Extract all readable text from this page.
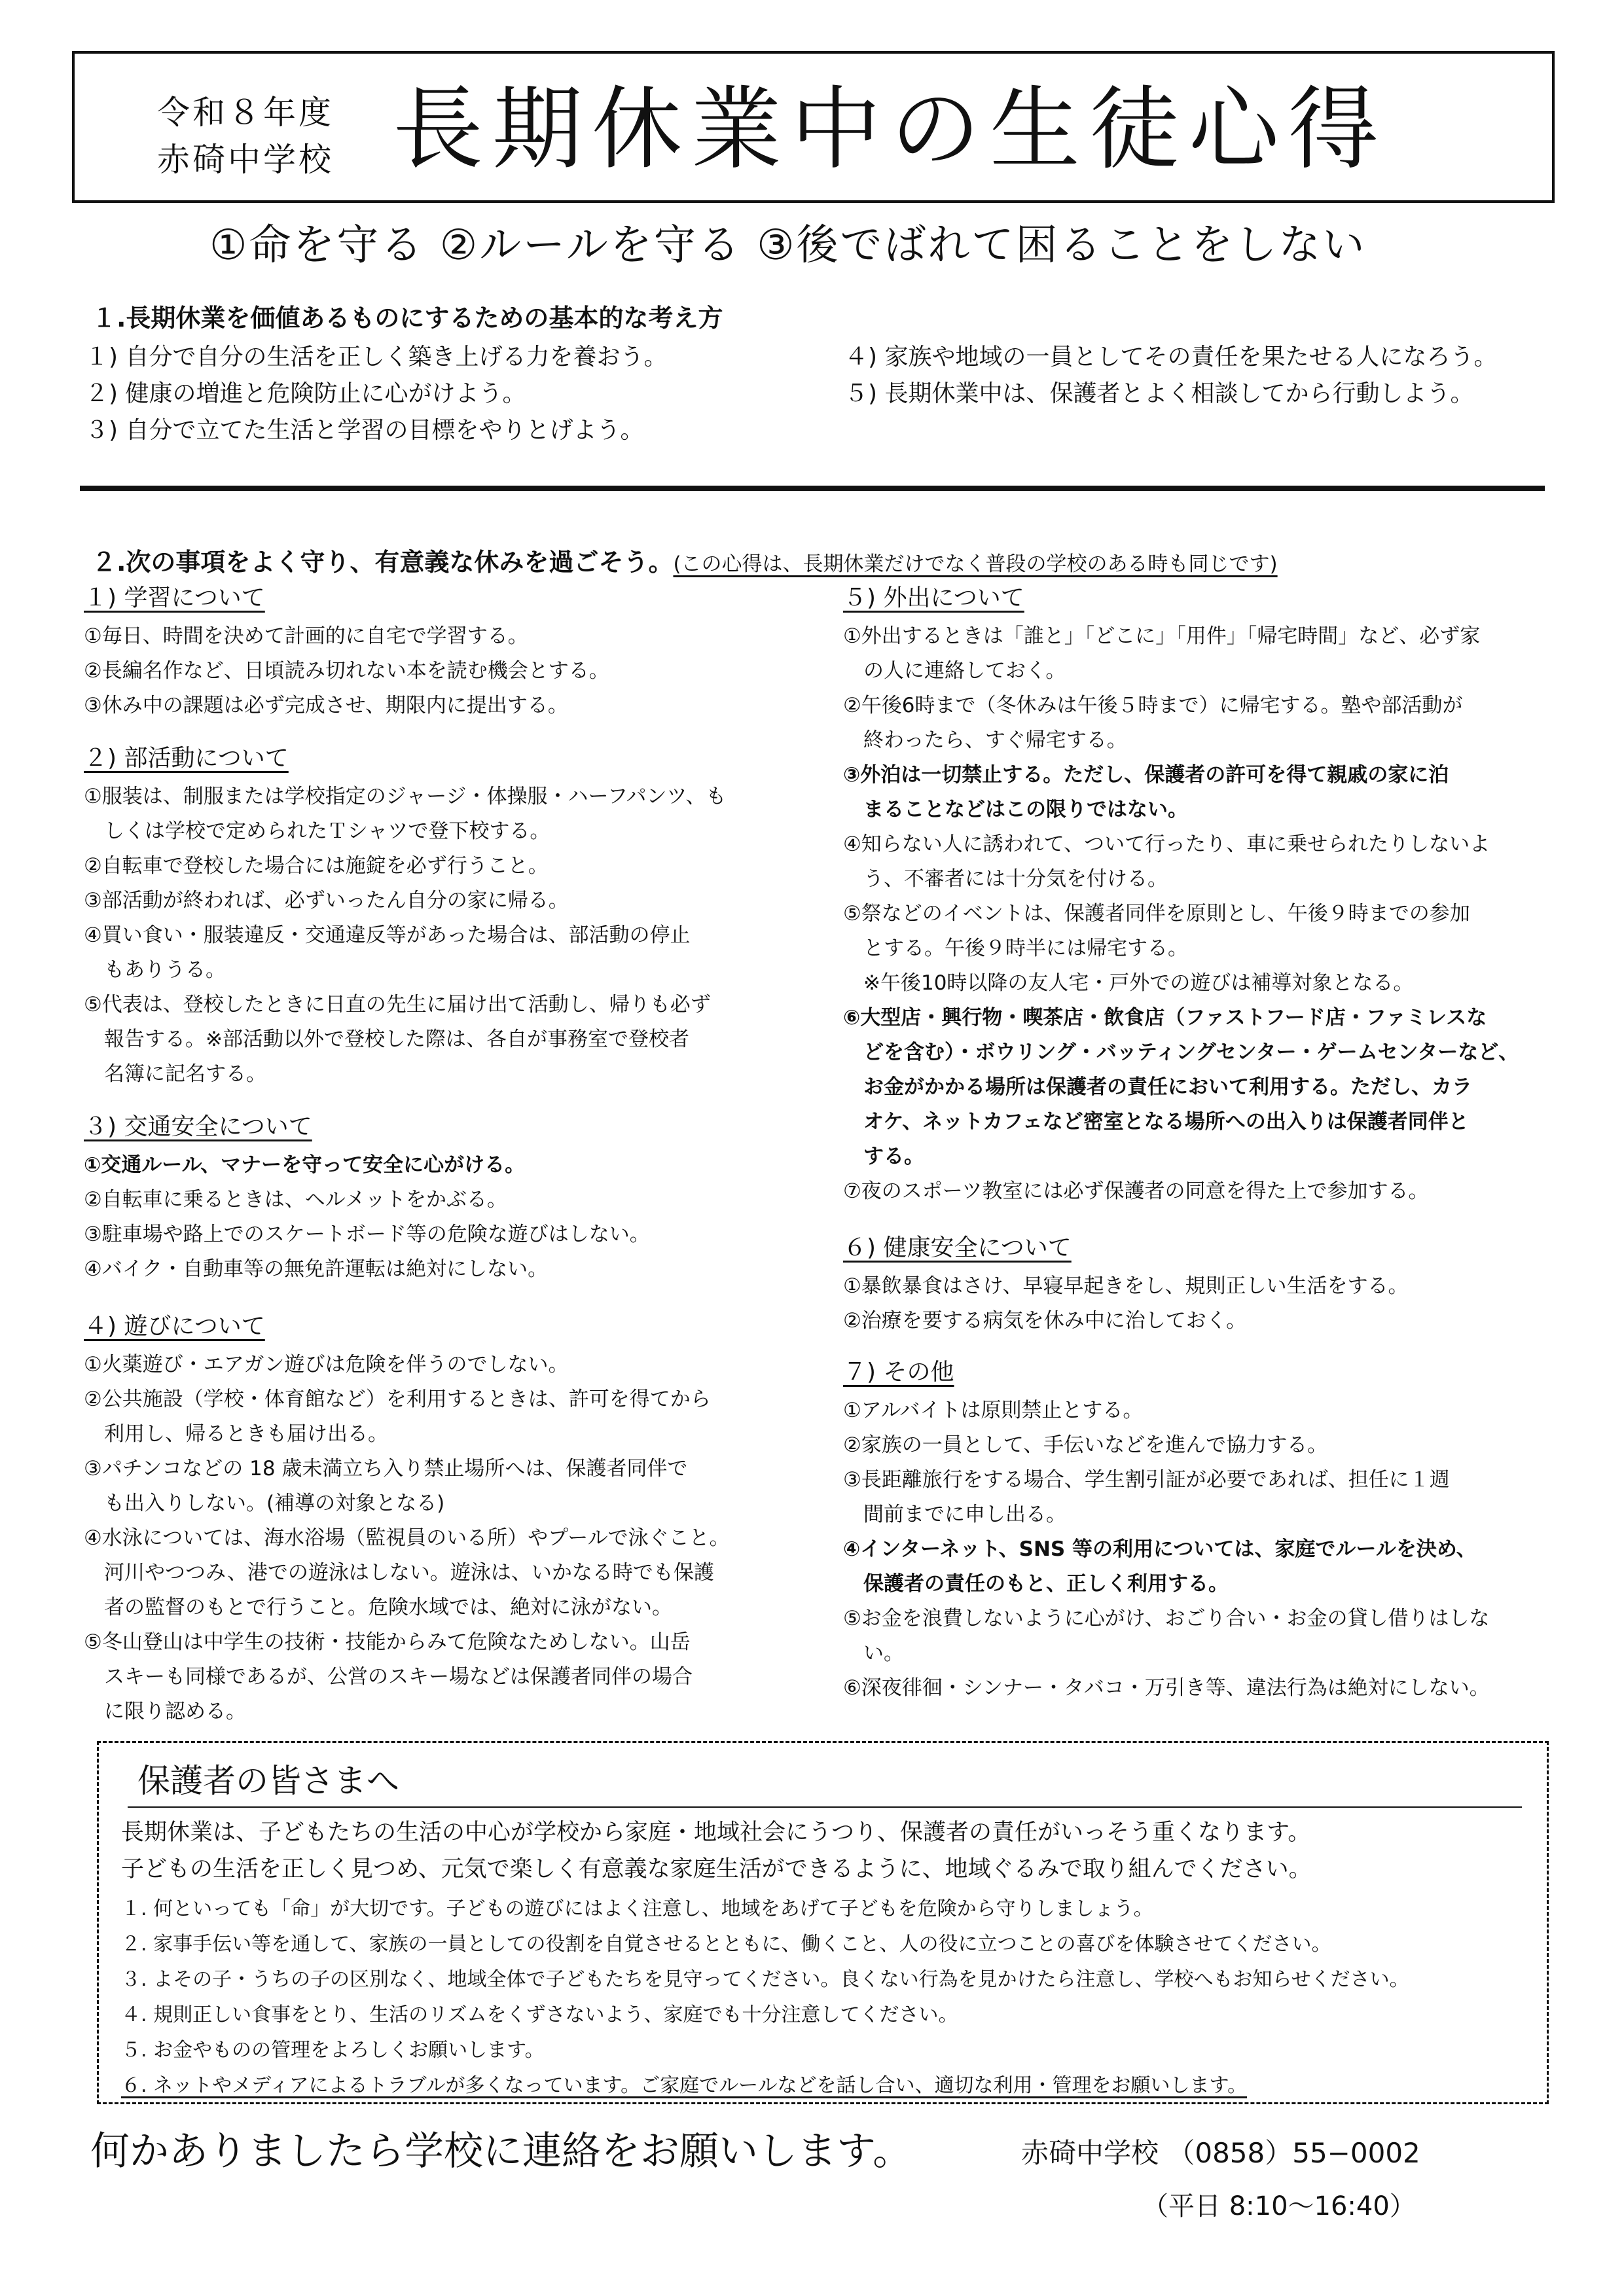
令和８年度
赤碕中学校 長期休業中の生徒心得
①命を守る ②ルールを守る ③後でばれて困ることをしない
１.長期休業を価値あるものにするための基本的な考え方
１) 自分で自分の生活を正しく築き上げる力を養おう。
２) 健康の増進と危険防止に心がけよう。
３) 自分で立てた生活と学習の目標をやりとげよう。
４) 家族や地域の一員としてその責任を果たせる人になろう。
５) 長期休業中は、保護者とよく相談してから行動しよう。
２.次の事項をよく守り、有意義な休みを過ごそう。(この心得は、長期休業だけでなく普段の学校のある時も同じです)
１) 学習について
①毎日、時間を決めて計画的に自宅で学習する。
②長編名作など、日頃読み切れない本を読む機会とする。
③休み中の課題は必ず完成させ、期限内に提出する。
２) 部活動について
①服装は、制服または学校指定のジャージ・体操服・ハーフパンツ、も
　しくは学校で定められたＴシャツで登下校する。
②自転車で登校した場合には施錠を必ず行うこと。
③部活動が終われば、必ずいったん自分の家に帰る。
④買い食い・服装違反・交通違反等があった場合は、部活動の停止
　もありうる。
⑤代表は、登校したときに日直の先生に届け出て活動し、帰りも必ず
　報告する。※部活動以外で登校した際は、各自が事務室で登校者
　名簿に記名する。
３) 交通安全について
①交通ルール、マナーを守って安全に心がける。
②自転車に乗るときは、ヘルメットをかぶる。
③駐車場や路上でのスケートボード等の危険な遊びはしない。
④バイク・自動車等の無免許運転は絶対にしない。
４) 遊びについて
①火薬遊び・エアガン遊びは危険を伴うのでしない。
②公共施設（学校・体育館など）を利用するときは、許可を得てから
　利用し、帰るときも届け出る。
③パチンコなどの 18 歳未満立ち入り禁止場所へは、保護者同伴で
　も出入りしない。(補導の対象となる)
④水泳については、海水浴場（監視員のいる所）やプールで泳ぐこと。
　河川やつつみ、港での遊泳はしない。遊泳は、いかなる時でも保護
　者の監督のもとで行うこと。危険水域では、絶対に泳がない。
⑤冬山登山は中学生の技術・技能からみて危険なためしない。山岳
　スキーも同様であるが、公営のスキー場などは保護者同伴の場合
　に限り認める。
５) 外出について
①外出するときは「誰と」「どこに」「用件」「帰宅時間」など、必ず家
　の人に連絡しておく。
②午後6時まで（冬休みは午後５時まで）に帰宅する。塾や部活動が
　終わったら、すぐ帰宅する。
③外泊は一切禁止する。ただし、保護者の許可を得て親戚の家に泊
　まることなどはこの限りではない。
④知らない人に誘われて、ついて行ったり、車に乗せられたりしないよ
　う、不審者には十分気を付ける。
⑤祭などのイベントは、保護者同伴を原則とし、午後９時までの参加
　とする。午後９時半には帰宅する。
　※午後10時以降の友人宅・戸外での遊びは補導対象となる。
⑥大型店・興行物・喫茶店・飲食店（ファストフード店・ファミレスな
　どを含む）・ボウリング・バッティングセンター・ゲームセンターなど、
　お金がかかる場所は保護者の責任において利用する。ただし、カラ
　オケ、ネットカフェなど密室となる場所への出入りは保護者同伴と
　する。
⑦夜のスポーツ教室には必ず保護者の同意を得た上で参加する。
６) 健康安全について
①暴飲暴食はさけ、早寝早起きをし、規則正しい生活をする。
②治療を要する病気を休み中に治しておく。
７) その他
①アルバイトは原則禁止とする。
②家族の一員として、手伝いなどを進んで協力する。
③長距離旅行をする場合、学生割引証が必要であれば、担任に１週
　間前までに申し出る。
④インターネット、SNS 等の利用については、家庭でルールを決め、
　保護者の責任のもと、正しく利用する。
⑤お金を浪費しないように心がけ、おごり合い・お金の貸し借りはしな
　い。
⑥深夜徘徊・シンナー・タバコ・万引き等、違法行為は絶対にしない。
保護者の皆さまへ
長期休業は、子どもたちの生活の中心が学校から家庭・地域社会にうつり、保護者の責任がいっそう重くなります。
子どもの生活を正しく見つめ、元気で楽しく有意義な家庭生活ができるように、地域ぐるみで取り組んでください。
１. 何といっても「命」が大切です。子どもの遊びにはよく注意し、地域をあげて子どもを危険から守りしましょう。
２. 家事手伝い等を通して、家族の一員としての役割を自覚させるとともに、働くこと、人の役に立つことの喜びを体験させてください。
３. よその子・うちの子の区別なく、地域全体で子どもたちを見守ってください。良くない行為を見かけたら注意し、学校へもお知らせください。
４. 規則正しい食事をとり、生活のリズムをくずさないよう、家庭でも十分注意してください。
５. お金やものの管理をよろしくお願いします。
６. ネットやメディアによるトラブルが多くなっています。ご家庭でルールなどを話し合い、適切な利用・管理をお願いします。
何かありましたら学校に連絡をお願いします。	赤碕中学校 （0858）55−0002
（平日 8:10〜16:40）
